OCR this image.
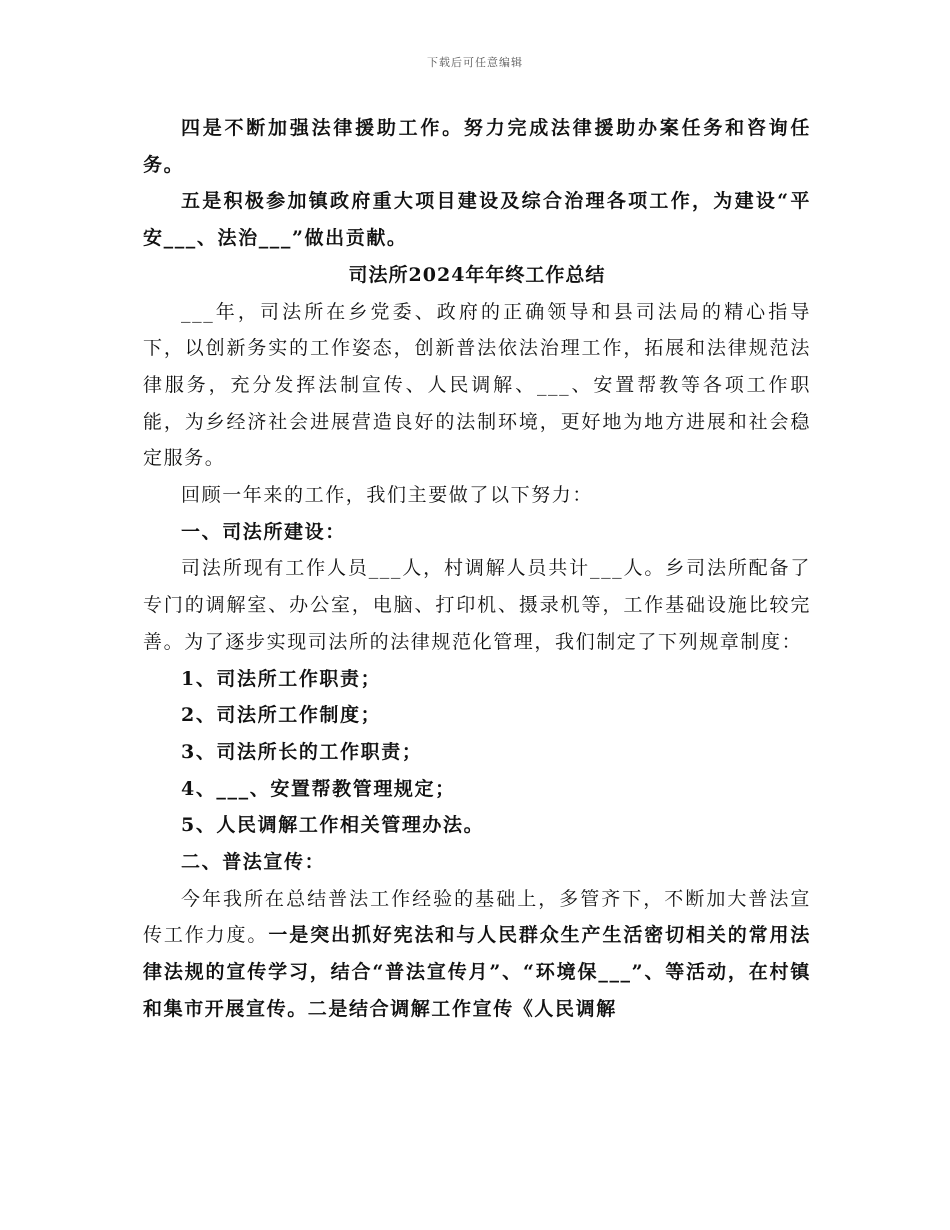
下载后可任意编辑

四是不断加强法律援助工作。努力完成法律援助办案任务和咨询任务。

五是积极参加镇政府重大项目建设及综合治理各项工作，为建设“平安___、法治___”做出贡献。

司法所2024年年终工作总结

___年，司法所在乡党委、政府的正确领导和县司法局的精心指导下，以创新务实的工作姿态，创新普法依法治理工作，拓展和法律规范法律服务，充分发挥法制宣传、人民调解、___、安置帮教等各项工作职能，为乡经济社会进展营造良好的法制环境，更好地为地方进展和社会稳定服务。

回顾一年来的工作，我们主要做了以下努力：

一、司法所建设：

司法所现有工作人员___人，村调解人员共计___人。乡司法所配备了专门的调解室、办公室，电脑、打印机、摄录机等，工作基础设施比较完善。为了逐步实现司法所的法律规范化管理，我们制定了下列规章制度：

1、司法所工作职责；

2、司法所工作制度；

3、司法所长的工作职责；

4、___、安置帮教管理规定；

5、人民调解工作相关管理办法。

二、普法宣传：

今年我所在总结普法工作经验的基础上，多管齐下，不断加大普法宣传工作力度。一是突出抓好宪法和与人民群众生产生活密切相关的常用法律法规的宣传学习，结合“普法宣传月”、“环境保___”、等活动，在村镇和集市开展宣传。二是结合调解工作宣传《人民调解
